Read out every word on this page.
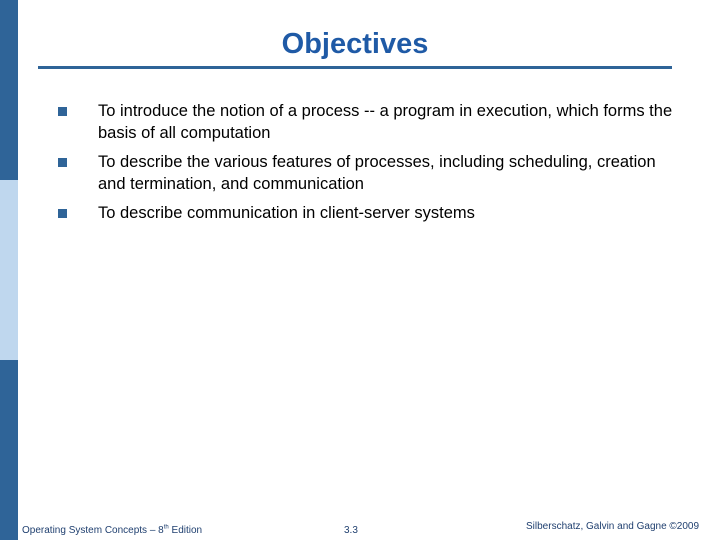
Objectives
To introduce the notion of a process -- a program in execution, which forms the basis of all computation
To describe the various features of processes, including scheduling, creation and termination, and communication
To describe communication in client-server systems
Operating System Concepts – 8th Edition	3.3	Silberschatz, Galvin and Gagne ©2009
